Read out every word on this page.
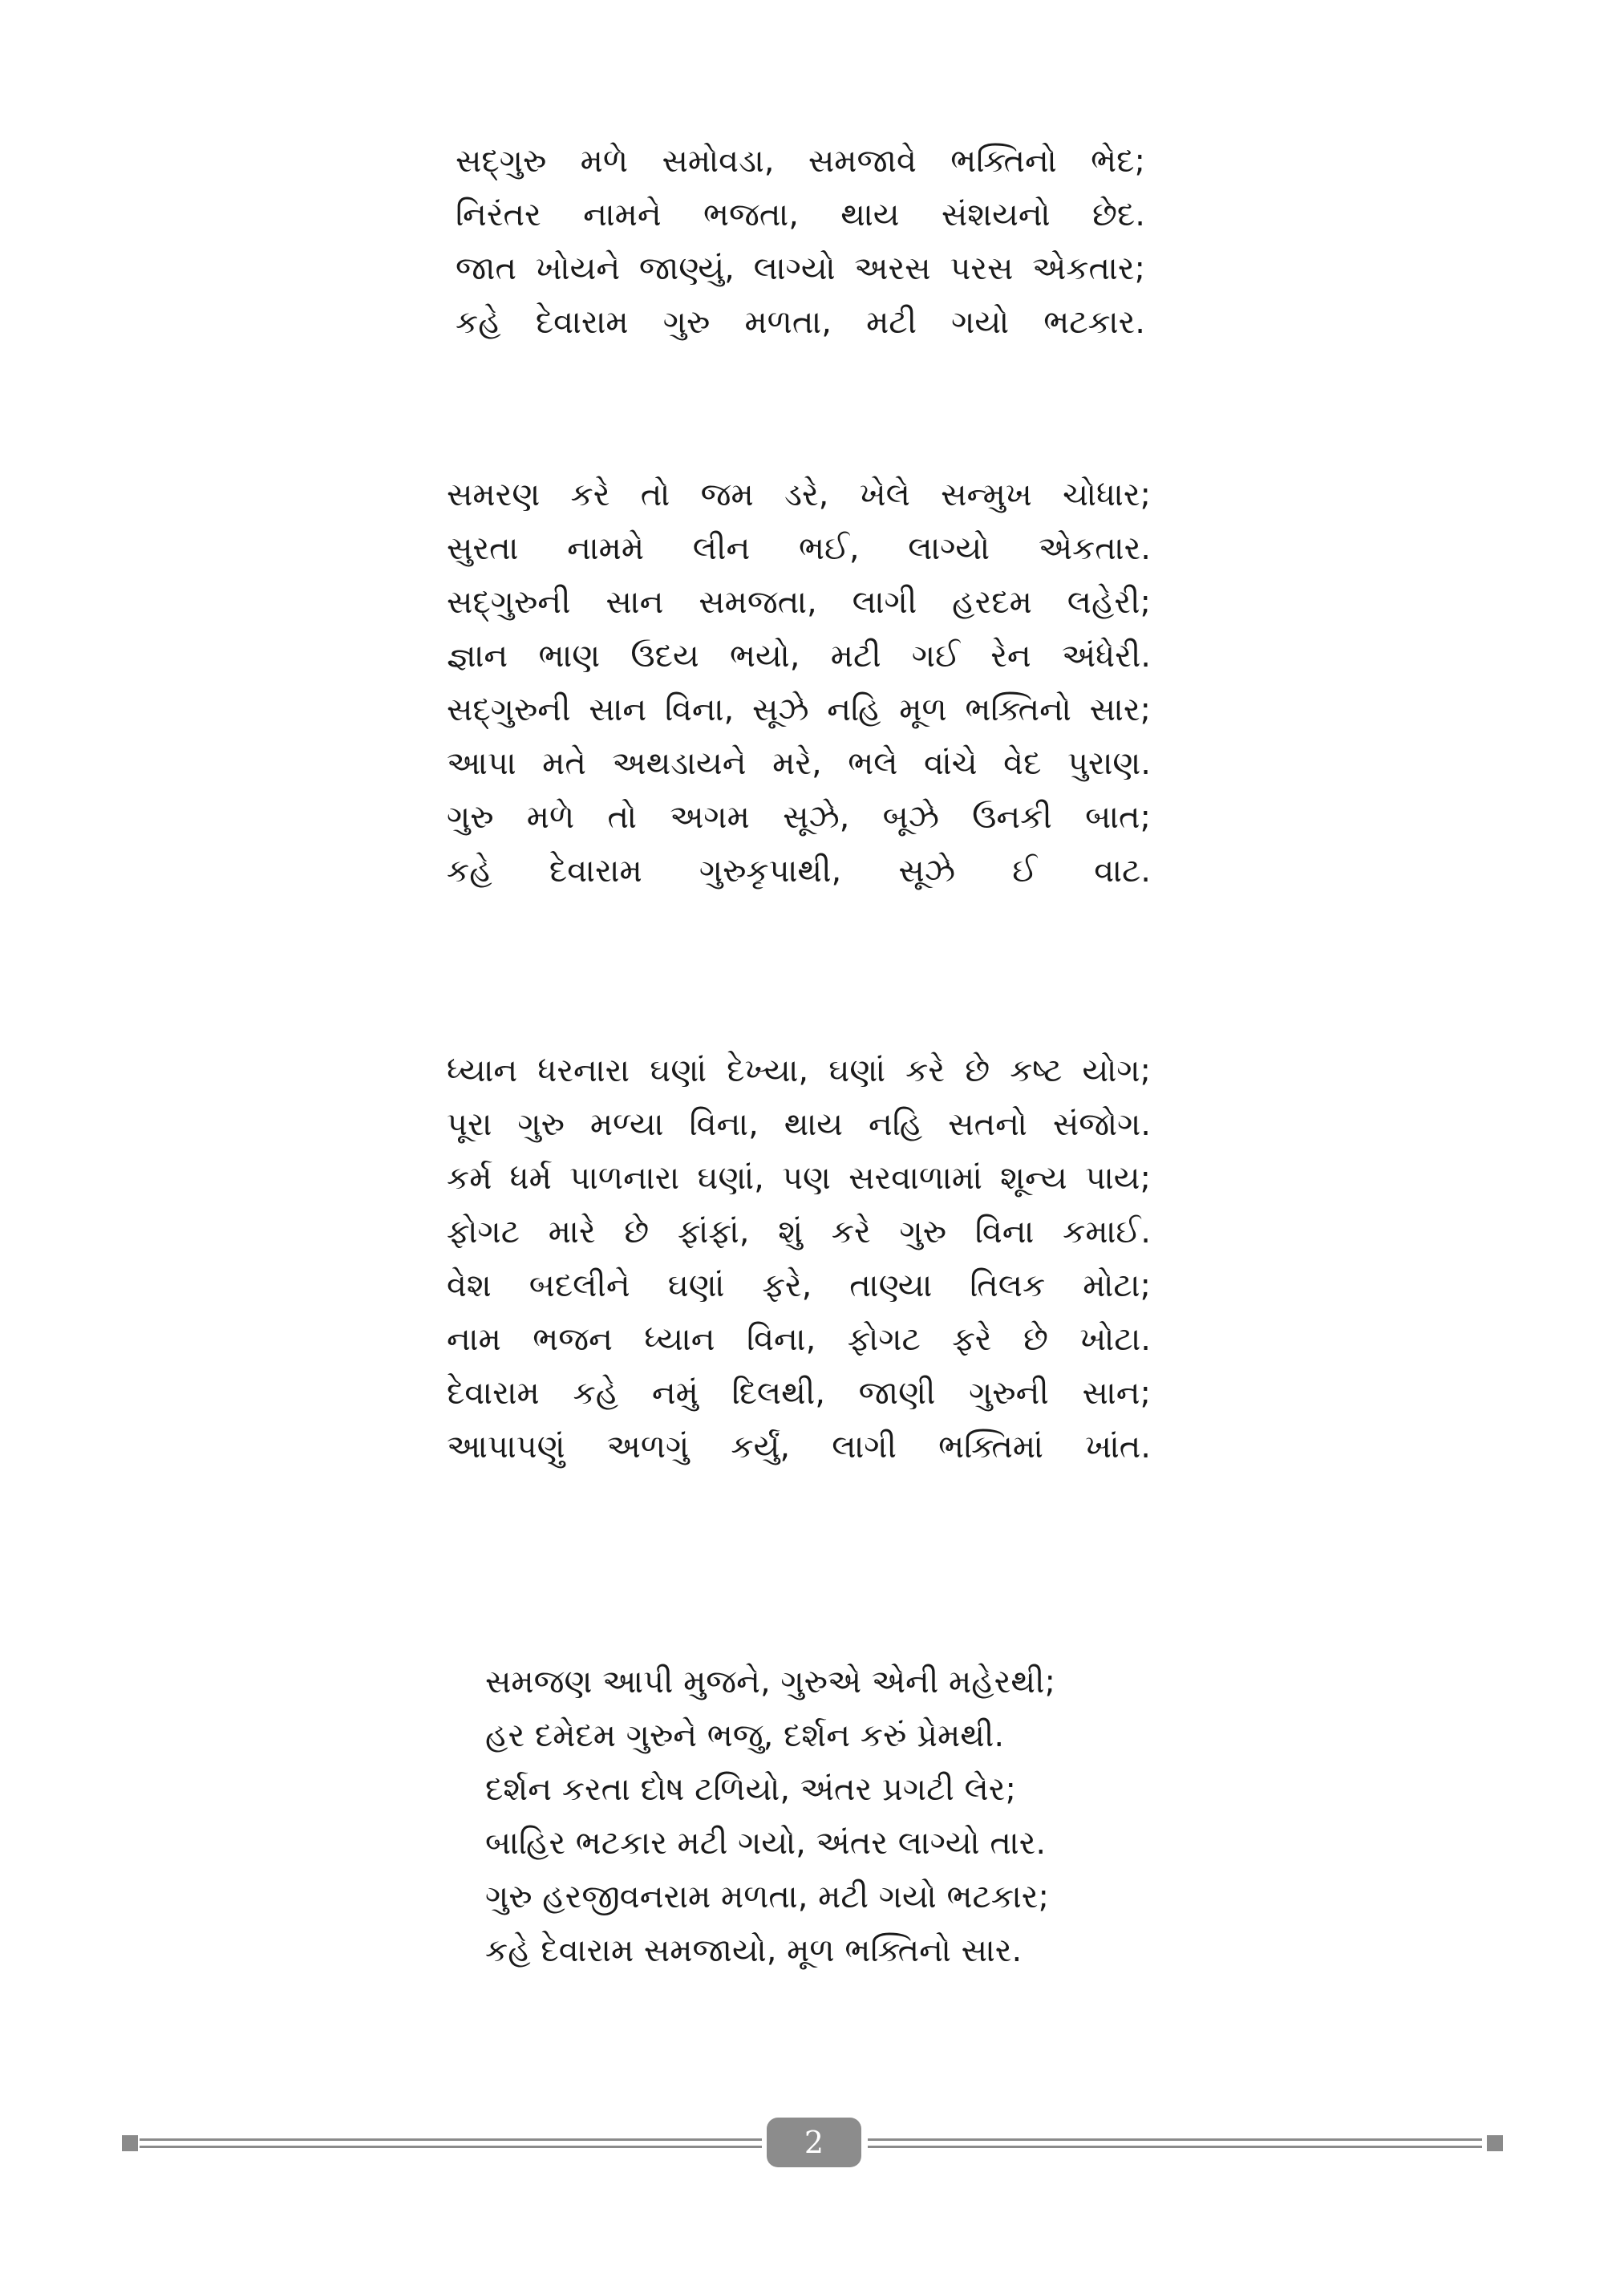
સદ્ગુરુ મળે સમોવડા, સમજાવે ભક્તિનો ભેદ;
નિરંતર નામને ભજતા, થાય સંશયનો છેદ.
જાત ખોયને જાણ્યું, લાગ્યો અરસ પરસ એકતાર;
કહે દેવારામ ગુરુ મળતા, મટી ગયો ભટકાર.
સમરણ કરે તો જમ ડરે, ખેલે સન્મુખ ચોધાર;
સુરતા નામમે લીન ભઈ, લાગ્યો એકતાર.
સદ્ગુરુની સાન સમજતા, લાગી હરદમ લહેરી;
જ્ઞાન ભાણ ઉદય ભયો, મટી ગઈ રેન અંધેરી.
સદ્ગુરુની સાન વિના, સૂઝે નહિ મૂળ ભક્તિનો સાર;
આપા મતે અથડાયને મરે, ભલે વાંચે વેદ પુરાણ.
ગુરુ મળે તો અગમ સૂઝે, બૂઝે ઉનકી બાત;
કહે દેવારામ ગુરુકૃપાથી, સૂઝે ઈ વાટ.
ધ્યાન ધરનારા ઘણાં દેખ્યા, ઘણાં કરે છે કષ્ટ યોગ;
પૂરા ગુરુ મળ્યા વિના, થાય નહિ સતનો સંજોગ.
કર્મ ધર્મ પાળનારા ઘણાં, પણ સરવાળામાં શૂન્ય પાય;
ફોગટ મારે છે ફાંફાં, શું કરે ગુરુ વિના કમાઈ.
વેશ બદલીને ઘણાં ફરે, તાણ્યા તિલક મોટા;
નામ ભજન ધ્યાન વિના, ફોગટ ફરે છે ખોટા.
દેવારામ કહે નમું દિલથી, જાણી ગુરુની સાન;
આપાપણું અળગું કર્યું, લાગી ભક્તિમાં ખાંત.
સમજણ આપી મુજને, ગુરુએ એની મહેરથી;
હર દમેદમ ગુરુને ભજુ, દર્શન કરું પ્રેમથી.
દર્શન કરતા દોષ ટળિયો, અંતર પ્રગટી લેર;
બાહિર ભટકાર મટી ગયો, અંતર લાગ્યો તાર.
ગુરુ હરજીવનરામ મળતા, મટી ગયો ભટકાર;
કહે દેવારામ સમજાયો, મૂળ ભક્તિનો સાર.
2
